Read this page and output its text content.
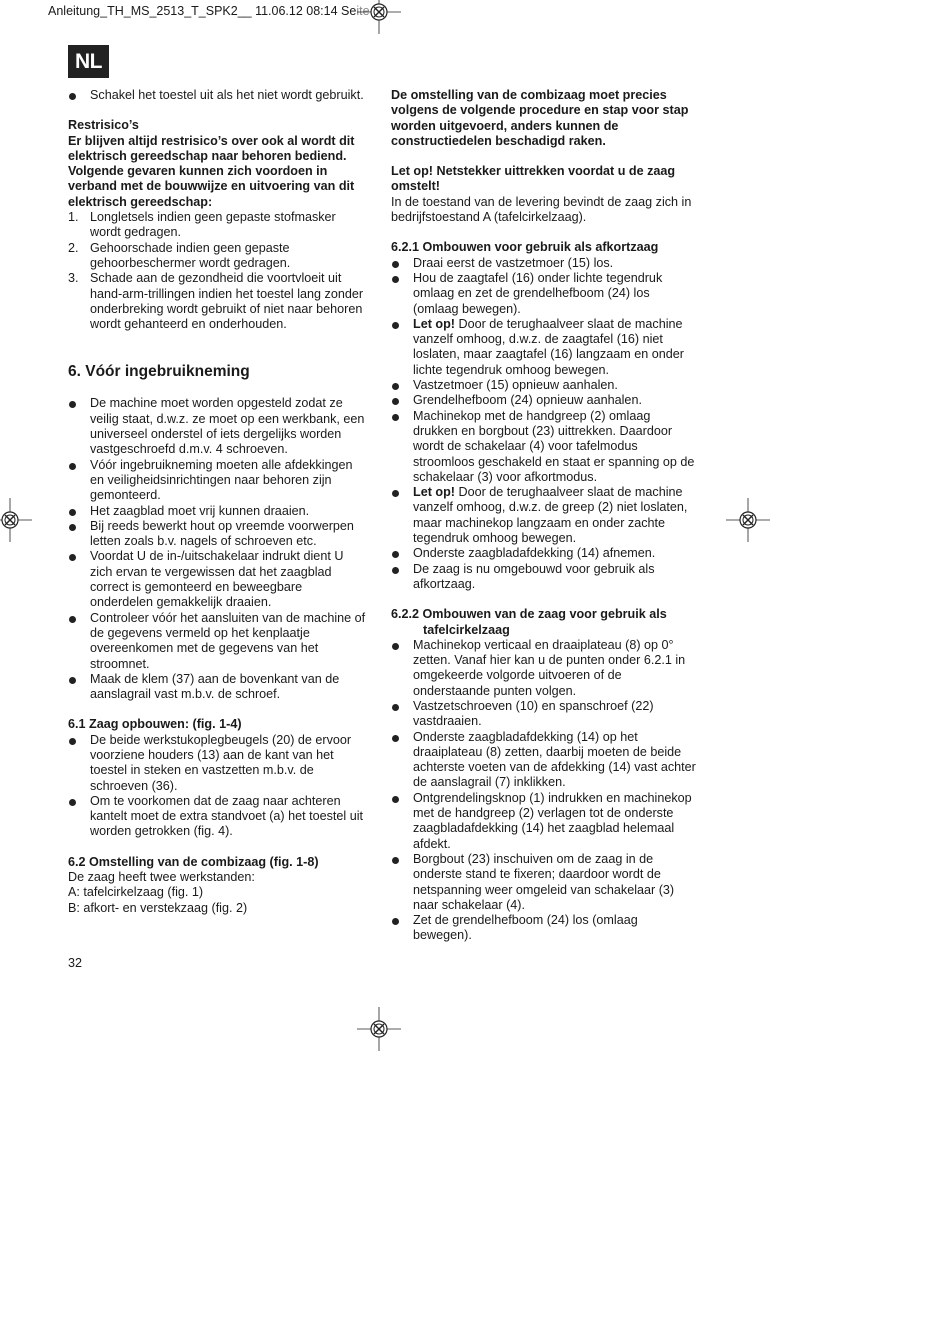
Anleitung_TH_MS_2513_T_SPK2__ 11.06.12 08:14 Seite
NL

Schakel het toestel uit als het niet wordt gebruikt.

Restrisico’s

Er blijven altijd restrisico’s over ook al wordt dit elektrisch gereedschap naar behoren bediend. Volgende gevaren kunnen zich voordoen in verband met de bouwwijze en uitvoering van dit elektrisch gereedschap:

1. Longletsels indien geen gepaste stofmasker wordt gedragen.
2. Gehoorschade indien geen gepaste gehoorbeschermer wordt gedragen.
3. Schade aan de gezondheid die voortvloeit uit hand-arm-trillingen indien het toestel lang zonder onderbreking wordt gebruikt of niet naar behoren wordt gehanteerd en onderhouden.

6. Vóór ingebruikneming

De machine moet worden opgesteld zodat ze veilig staat, d.w.z. ze moet op een werkbank, een universeel onderstel of iets dergelijks worden vastgeschroefd d.m.v. 4 schroeven.

Vóór ingebruikneming moeten alle afdekkingen en veiligheidsinrichtingen naar behoren zijn gemonteerd.

Het zaagblad moet vrij kunnen draaien.

Bij reeds bewerkt hout op vreemde voorwerpen letten zoals b.v. nagels of schroeven etc.

Voordat U de in-/uitschakelaar indrukt dient U zich ervan te vergewissen dat het zaagblad correct is gemonteerd en beweegbare onderdelen gemakkelijk draaien.

Controleer vóór het aansluiten van de machine of de gegevens vermeld op het kenplaatje overeenkomen met de gegevens van het stroomnet.

Maak de klem (37) aan de bovenkant van de aanslagrail vast m.b.v. de schroef.

6.1 Zaag opbouwen: (fig. 1-4)

De beide werkstukoplegbeugels (20) de ervoor voorziene houders (13) aan de kant van het toestel in steken en vastzetten m.b.v. de schroeven (36).

Om te voorkomen dat de zaag naar achteren kantelt moet de extra standvoet (a) het toestel uit worden getrokken (fig. 4).

6.2 Omstelling van de combizaag (fig. 1-8)

De zaag heeft twee werkstanden:

A: tafelcirkelzaag (fig. 1)

B: afkort- en verstekzaag (fig. 2)

De omstelling van de combizaag moet precies volgens de volgende procedure en stap voor stap worden uitgevoerd, anders kunnen de constructiedelen beschadigd raken.

Let op! Netstekker uittrekken voordat u de zaag omstelt!

In de toestand van de levering bevindt de zaag zich in bedrijfstoestand A (tafelcirkelzaag).

6.2.1 Ombouwen voor gebruik als afkortzaag

Draai eerst de vastzetmoer (15) los.

Hou de zaagtafel (16) onder lichte tegendruk omlaag en zet de grendelhefboom (24) los (omlaag bewegen).

Let op! Door de terughaalveer slaat de machine vanzelf omhoog, d.w.z. de zaagtafel (16) niet loslaten, maar zaagtafel (16) langzaam en onder lichte tegendruk omhoog bewegen.

Vastzetmoer (15) opnieuw aanhalen.

Grendelhefboom (24) opnieuw aanhalen.

Machinekop met de handgreep (2) omlaag drukken en borgbout (23) uittrekken. Daardoor wordt de schakelaar (4) voor tafelmodus stroomloos geschakeld en staat er spanning op de schakelaar (3) voor afkortmodus.

Let op! Door de terughaalveer slaat de machine vanzelf omhoog, d.w.z. de greep (2) niet loslaten, maar machinekop langzaam en onder zachte tegendruk omhoog bewegen.

Onderste zaagbladafdekking (14) afnemen.

De zaag is nu omgebouwd voor gebruik als afkortzaag.

6.2.2 Ombouwen van de zaag voor gebruik als
tafelcirkelzaag

Machinekop verticaal en draaiplateau (8) op 0° zetten. Vanaf hier kan u de punten onder 6.2.1 in omgekeerde volgorde uitvoeren of de onderstaande punten volgen.

Vastzetschroeven (10) en spanschroef (22) vastdraaien.

Onderste zaagbladafdekking (14) op het draaiplateau (8) zetten, daarbij moeten de beide achterste voeten van de afdekking (14) vast achter de aanslagrail (7) inklikken.

Ontgrendelingsknop (1) indrukken en machinekop met de handgreep (2) verlagen tot de onderste zaagbladafdekking (14) het zaagblad helemaal afdekt.

Borgbout (23) inschuiven om de zaag in de onderste stand te fixeren; daardoor wordt de netspanning weer omgeleid van schakelaar (3) naar schakelaar (4).

Zet de grendelhefboom (24) los (omlaag bewegen).

32
